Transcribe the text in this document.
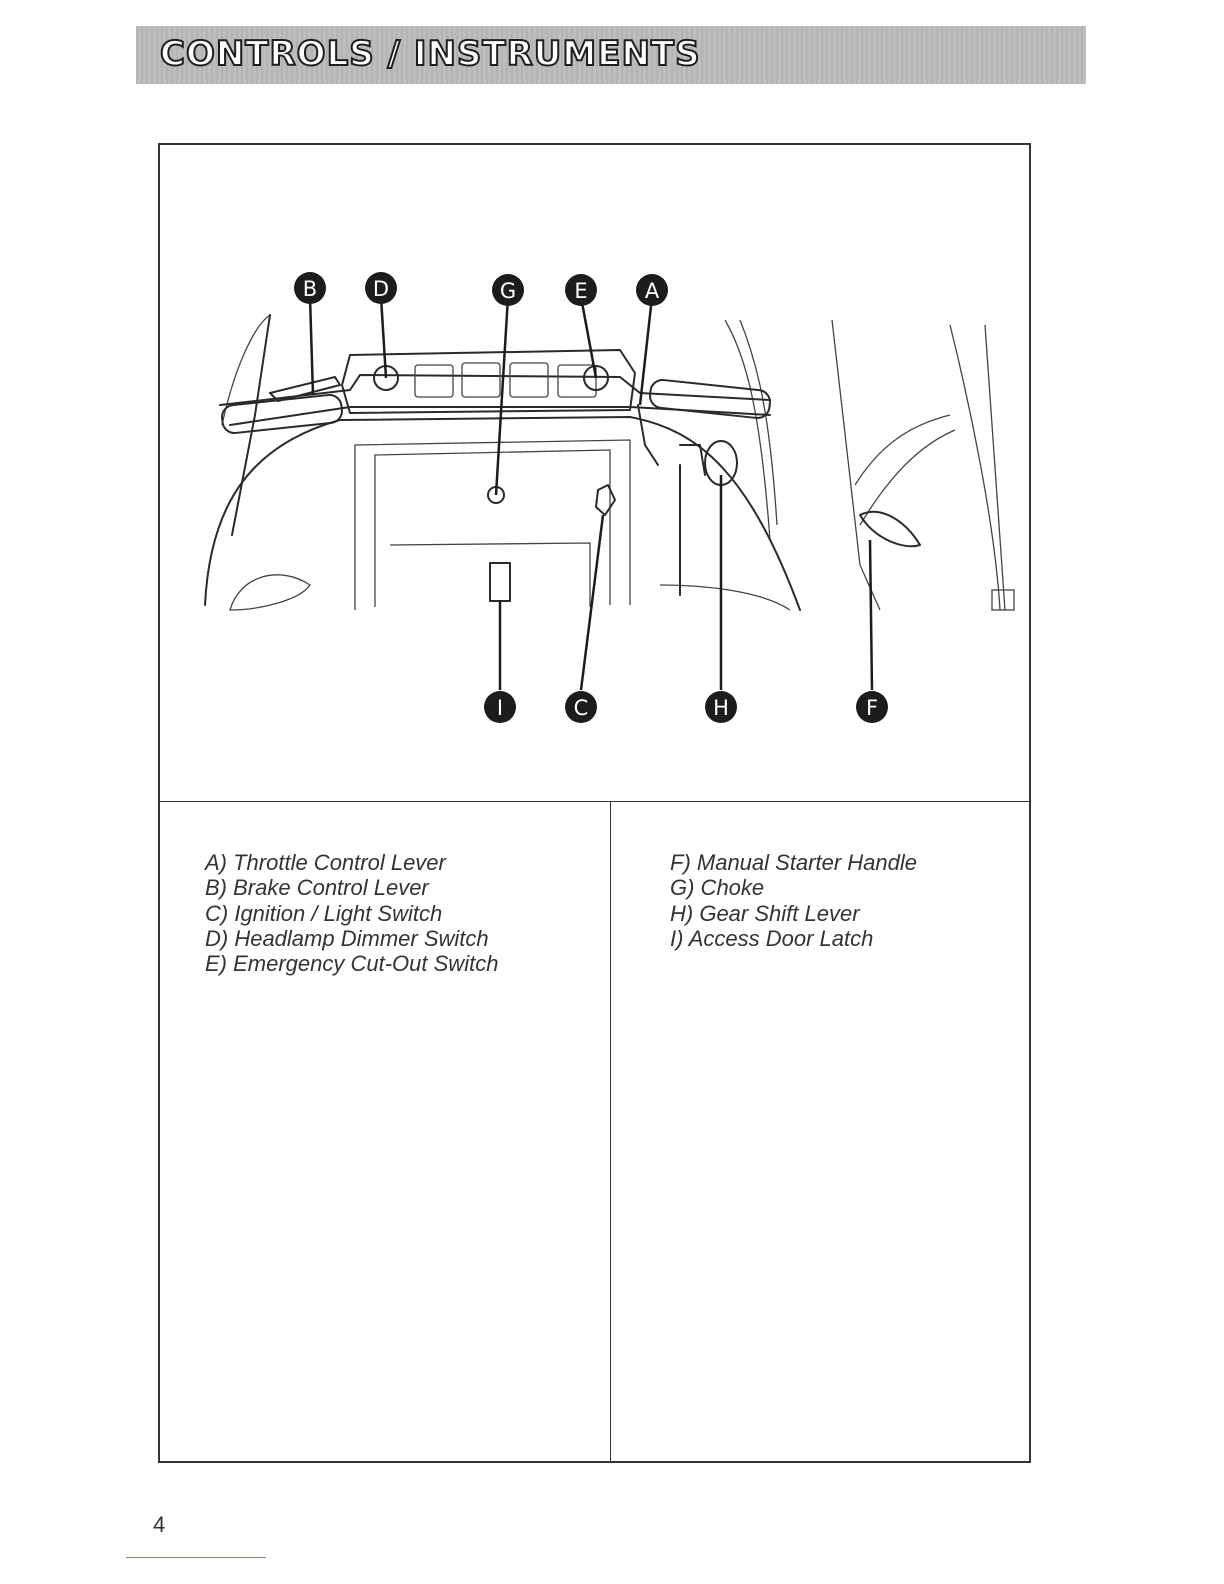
CONTROLS / INSTRUMENTS
B	D	G	E	A
I	C	H	F
A) Throttle Control Lever
B) Brake Control Lever
C) Ignition / Light Switch
D) Headlamp Dimmer Switch
E) Emergency Cut-Out Switch
F) Manual Starter Handle
G) Choke
H) Gear Shift Lever
I) Access Door Latch

4
